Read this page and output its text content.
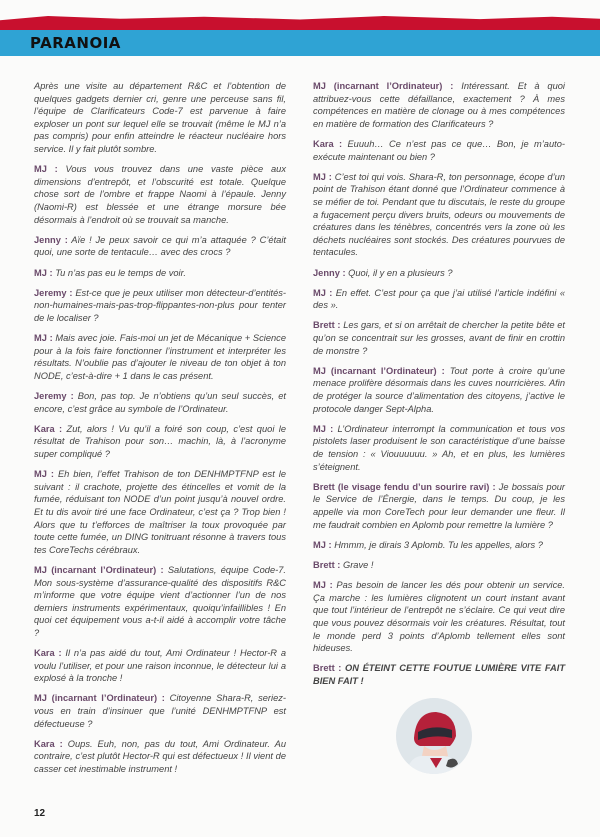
PARANOIA

Après une visite au département R&C et l’obtention de quelques gadgets dernier cri, genre une perceuse sans fil, l’équipe de Clarificateurs Code-7 est parvenue à faire exploser un pont sur lequel elle se trouvait (même le MJ n’a pas compris) pour enfin atteindre le réacteur nucléaire hors service. Il y fait plutôt sombre.

MJ : Vous vous trouvez dans une vaste pièce aux dimensions d’entrepôt, et l’obscurité est totale. Quelque chose sort de l’ombre et frappe Naomi à l’épaule. Jenny (Naomi-R) est blessée et une étrange morsure bée désormais à l’endroit où se trouvait sa manche.

Jenny : Aïe ! Je peux savoir ce qui m’a attaquée ? C’était quoi, une sorte de tentacule… avec des crocs ?

MJ : Tu n’as pas eu le temps de voir.

Jeremy : Est-ce que je peux utiliser mon détecteur-d’entités-non-humaines-mais-pas-trop-flippantes-non-plus pour tenter de le localiser ?

MJ : Mais avec joie. Fais-moi un jet de Mécanique + Science pour à la fois faire fonctionner l’instrument et interpréter les résultats. N’oublie pas d’ajouter le niveau de ton objet à ton NODE, c’est-à-dire + 1 dans le cas présent.

Jeremy : Bon, pas top. Je n’obtiens qu’un seul succès, et encore, c’est grâce au symbole de l’Ordinateur.

Kara : Zut, alors ! Vu qu’il a foiré son coup, c’est quoi le résultat de Trahison pour son… machin, là, à l’acronyme super compliqué ?

MJ : Eh bien, l’effet Trahison de ton DENHMPTFNP est le suivant : il crachote, projette des étincelles et vomit de la fumée, réduisant ton NODE d’un point jusqu’à nouvel ordre. Et tu dis avoir tiré une face Ordinateur, c’est ça ? Trop bien ! Alors que tu t’efforces de maîtriser la toux provoquée par toute cette fumée, un DING tonitruant résonne à travers tous tes CoreTechs cérébraux.

MJ (incarnant l’Ordinateur) : Salutations, équipe Code-7. Mon sous-système d’assurance-qualité des dispositifs R&C m’informe que votre équipe vient d’actionner l’un de nos derniers instruments expérimentaux, quoiqu’infaillibles ! En quoi cet équipement vous a-t-il aidé à accomplir votre tâche ?

Kara : Il n’a pas aidé du tout, Ami Ordinateur ! Hector-R a voulu l’utiliser, et pour une raison inconnue, le détecteur lui a explosé à la tronche !

MJ (incarnant l’Ordinateur) : Citoyenne Shara-R, seriez-vous en train d’insinuer que l’unité DENHMPTFNP est défectueuse ?

Kara : Oups. Euh, non, pas du tout, Ami Ordinateur. Au contraire, c’est plutôt Hector-R qui est défectueux ! Il vient de casser cet inestimable instrument !

MJ (incarnant l’Ordinateur) : Intéressant. Et à quoi attribuez-vous cette défaillance, exactement ? À mes compétences en matière de clonage ou à mes compétences en matière de formation des Clarificateurs ?

Kara : Euuuh… Ce n’est pas ce que… Bon, je m’auto-exécute maintenant ou bien ?

MJ : C’est toi qui vois. Shara-R, ton personnage, écope d’un point de Trahison étant donné que l’Ordinateur commence à se méfier de toi. Pendant que tu discutais, le reste du groupe a fugacement perçu divers bruits, odeurs ou mouvements de créatures dans les ténèbres, concentrés vers la zone où les déchets nucléaires sont stockés. Des créatures pourvues de tentacules.

Jenny : Quoi, il y en a plusieurs ?

MJ : En effet. C’est pour ça que j’ai utilisé l’article indéfini « des ».

Brett : Les gars, et si on arrêtait de chercher la petite bête et qu’on se concentrait sur les grosses, avant de finir en crottin de monstre ?

MJ (incarnant l’Ordinateur) : Tout porte à croire qu’une menace prolifère désormais dans les cuves nourricières. Afin de protéger la source d’alimentation des citoyens, j’active le protocole danger Sept-Alpha.

MJ : L’Ordinateur interrompt la communication et tous vos pistolets laser produisent le son caractéristique d’une baisse de tension : « Viouuuuuu. » Ah, et en plus, les lumières s’éteignent.

Brett (le visage fendu d’un sourire ravi) : Je bossais pour le Service de l’Énergie, dans le temps. Du coup, je les appelle via mon CoreTech pour leur demander une fleur. Il me faudrait combien en Aplomb pour remettre la lumière ?

MJ : Hmmm, je dirais 3 Aplomb. Tu les appelles, alors ?

Brett : Grave !

MJ : Pas besoin de lancer les dés pour obtenir un service. Ça marche : les lumières clignotent un court instant avant que tout l’intérieur de l’entrepôt ne s’éclaire. Ce qui veut dire que vous pouvez désormais voir les créatures. Résultat, tout le monde perd 3 points d’Aplomb tellement elles sont hideuses.

Brett : ON ÉTEINT CETTE FOUTUE LUMIÈRE VITE FAIT BIEN FAIT !

12
